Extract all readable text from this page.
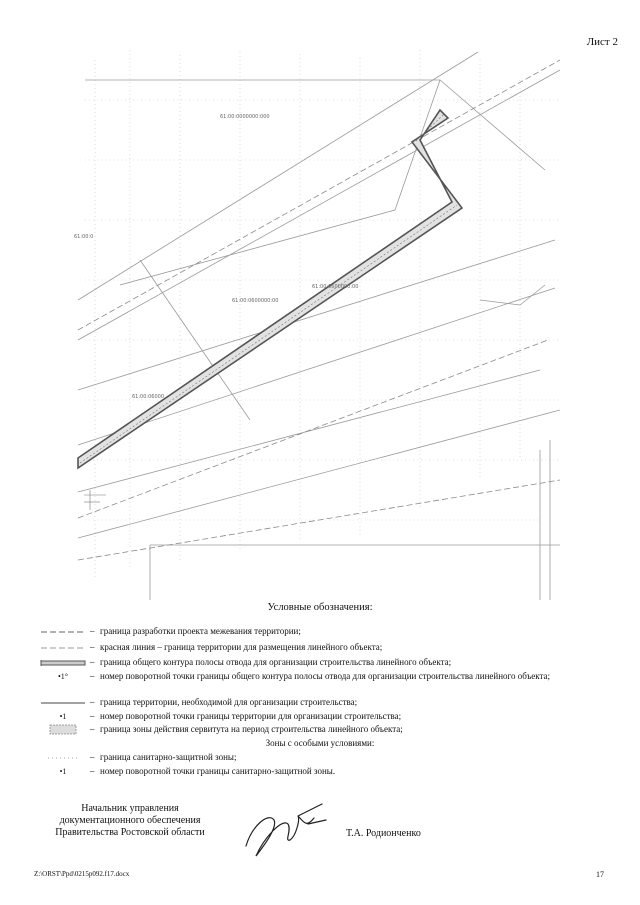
Лист 2
61:00:0000000:000
61:00:0600000:00
61:00:0600000:00
61:00:06000
61:00:0
Условные обозначения:
– граница разработки проекта межевания территории;
– красная линия – граница территории для размещения линейного объекта;
– граница общего контура полосы отвода для организации строительства линейного объекта;
•1°	– номер поворотной точки границы общего контура полосы отвода для организации строительства линейного объекта;
– граница территории, необходимой для организации строительства;
•1	– номер поворотной точки границы территории для организации строительства;
– граница зоны действия сервитута на период строительства линейного объекта;
Зоны с особыми условиями:
– граница санитарно-защитной зоны;
•1	– номер поворотной точки границы санитарно-защитной зоны.
Начальник управления
документационного обеспечения
Правительства Ростовской области	Т.А. Родионченко
Z:\ORST\Ppd\0215p092.f17.docx	17
